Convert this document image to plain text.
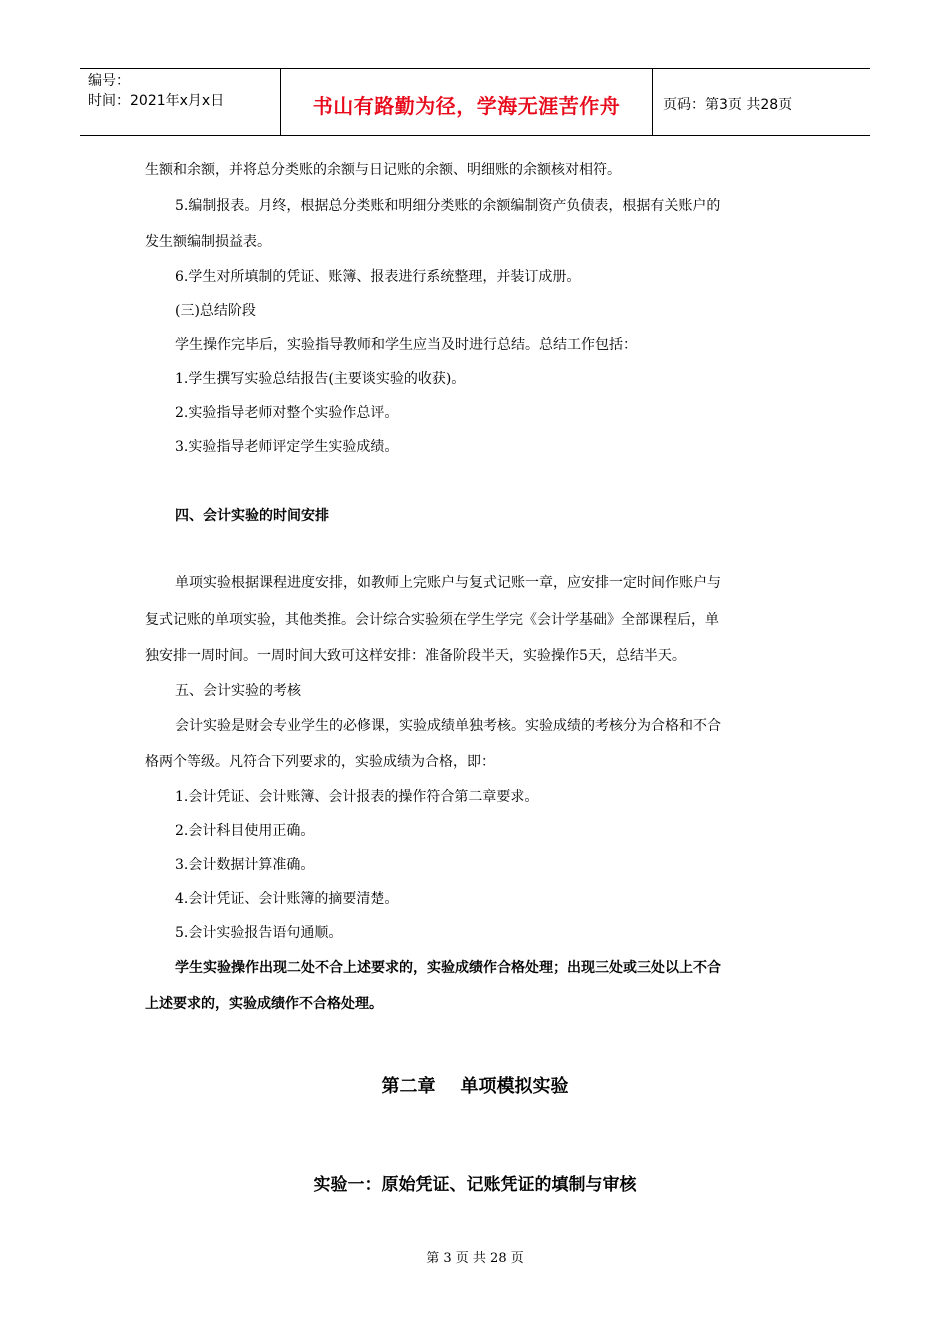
编号：
时间：2021年x月x日	书山有路勤为径，学海无涯苦作舟	页码：第3页 共28页
生额和余额，并将总分类账的余额与日记账的余额、明细账的余额核对相符。
5.编制报表。月终，根据总分类账和明细分类账的余额编制资产负债表，根据有关账户的
发生额编制损益表。
6.学生对所填制的凭证、账簿、报表进行系统整理，并装订成册。
(三)总结阶段
学生操作完毕后，实验指导教师和学生应当及时进行总结。总结工作包括：
1.学生撰写实验总结报告(主要谈实验的收获)。
2.实验指导老师对整个实验作总评。
3.实验指导老师评定学生实验成绩。
四、会计实验的时间安排
单项实验根据课程进度安排，如教师上完账户与复式记账一章，应安排一定时间作账户与
复式记账的单项实验，其他类推。会计综合实验须在学生学完《会计学基础》全部课程后，单
独安排一周时间。一周时间大致可这样安排：准备阶段半天，实验操作5天，总结半天。
五、会计实验的考核
会计实验是财会专业学生的必修课，实验成绩单独考核。实验成绩的考核分为合格和不合
格两个等级。凡符合下列要求的，实验成绩为合格，即：
1.会计凭证、会计账簿、会计报表的操作符合第二章要求。
2.会计科目使用正确。
3.会计数据计算准确。
4.会计凭证、会计账簿的摘要清楚。
5.会计实验报告语句通顺。
学生实验操作出现二处不合上述要求的，实验成绩作合格处理；出现三处或三处以上不合
上述要求的，实验成绩作不合格处理。
第二章    单项模拟实验
实验一：原始凭证、记账凭证的填制与审核
第 3 页 共 28 页
